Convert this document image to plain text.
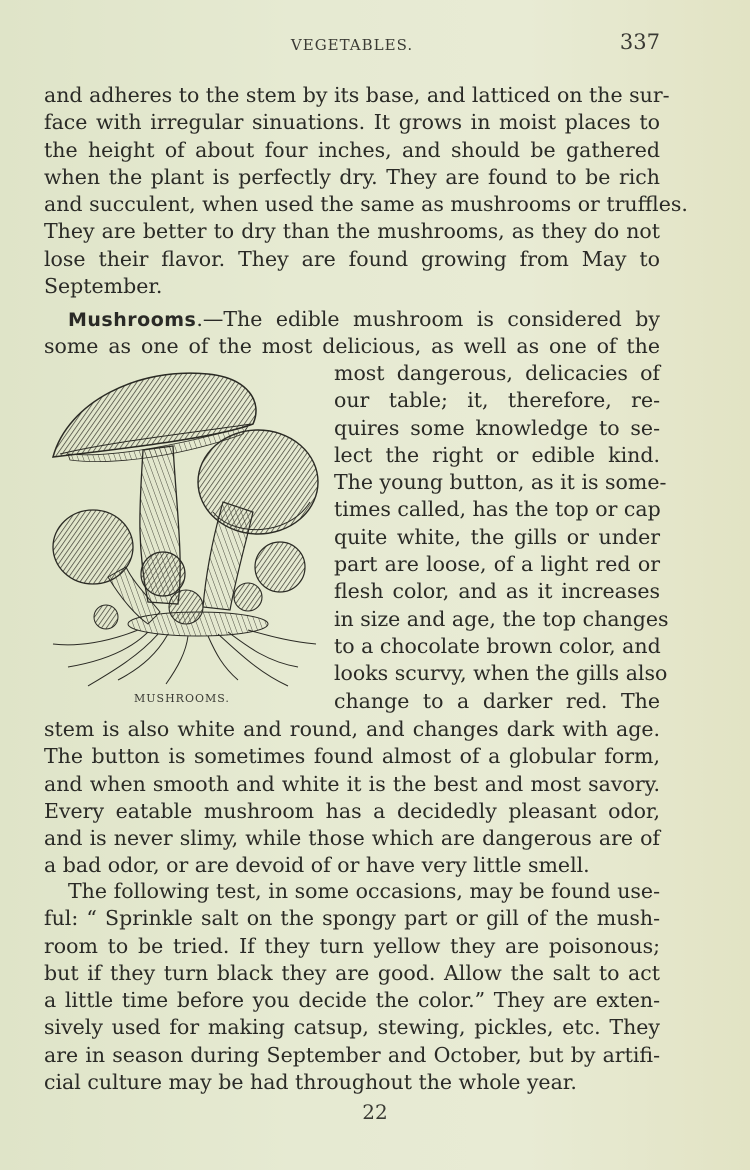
VEGETABLES.	337
and adheres to the stem by its base, and latticed on the sur-
face with irregular sinuations. It grows in moist places to
the height of about four inches, and should be gathered
when the plant is perfectly dry. They are found to be rich
and succulent, when used the same as mushrooms or truffles.
They are better to dry than the mushrooms, as they do not
lose their flavor. They are found growing from May to
September.
Mushrooms.—The edible mushroom is considered by
some as one of the most delicious, as well as one of the
MUSHROOMS.
most dangerous, delicacies of
our table; it, therefore, re-
quires some knowledge to se-
lect the right or edible kind.
The young button, as it is some-
times called, has the top or cap
quite white, the gills or under
part are loose, of a light red or
flesh color, and as it increases
in size and age, the top changes
to a chocolate brown color, and
looks scurvy, when the gills also
change to a darker red. The
stem is also white and round, and changes dark with age.
The button is sometimes found almost of a globular form,
and when smooth and white it is the best and most savory.
Every eatable mushroom has a decidedly pleasant odor,
and is never slimy, while those which are dangerous are of
a bad odor, or are devoid of or have very little smell.
The following test, in some occasions, may be found use-
ful: “ Sprinkle salt on the spongy part or gill of the mush-
room to be tried. If they turn yellow they are poisonous;
but if they turn black they are good. Allow the salt to act
a little time before you decide the color.” They are exten-
sively used for making catsup, stewing, pickles, etc. They
are in season during September and October, but by artifi-
cial culture may be had throughout the whole year.
22
